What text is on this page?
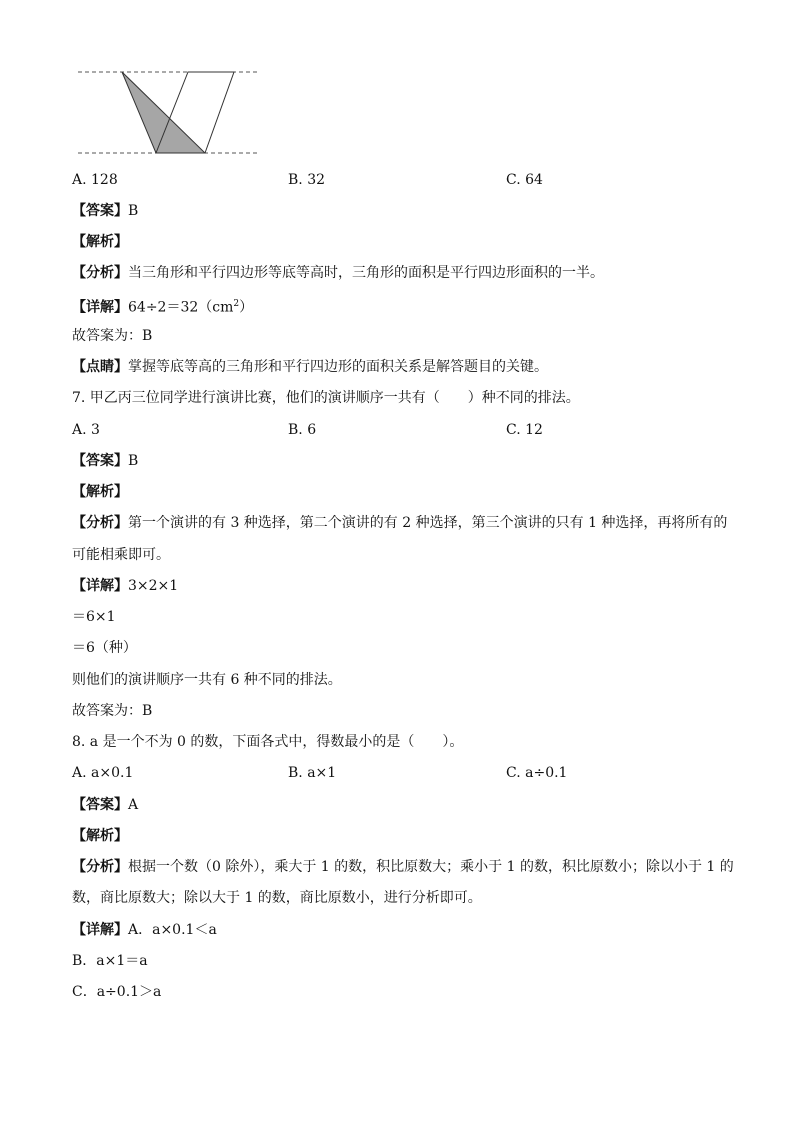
A. 128	B. 32	C. 64
【答案】B
【解析】
【分析】当三角形和平行四边形等底等高时，三角形的面积是平行四边形面积的一半。
【详解】$64\div 2=32(cm^2)$
故答案为：B
【点睛】掌握等底等高的三角形和平行四边形的面积关系是解答题目的关键。
7. 甲乙丙三位同学进行演讲比赛，他们的演讲顺序一共有（　　）种不同的排法。
A. 3	B. 6	C. 12
【答案】B
【解析】
【分析】第一个演讲的有 3 种选择，第二个演讲的有 2 种选择，第三个演讲的只有 1 种选择，再将所有的
可能相乘即可。
【详解】3×2×1
＝6×1
＝6（种）
则他们的演讲顺序一共有 6 种不同的排法。
故答案为：B
8. a 是一个不为 0 的数，下面各式中，得数最小的是（　　）。
A. a×0.1	B. a×1	C. a÷0.1
【答案】A
【解析】
【分析】根据一个数（0 除外），乘大于 1 的数，积比原数大；乘小于 1 的数，积比原数小；除以小于 1 的
数，商比原数大；除以大于 1 的数，商比原数小，进行分析即可。
【详解】A．a×0.1＜a
B．a×1＝a
C．a÷0.1＞a
